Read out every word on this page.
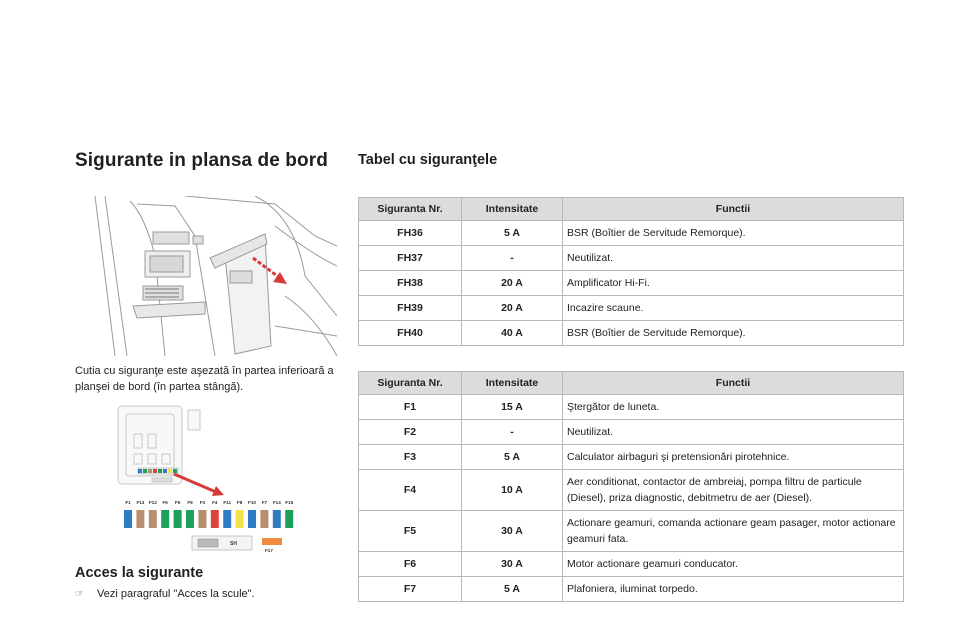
Sigurante in plansa de bord Tabel cu siguranţele

Cutia cu siguranţe este aşezată în partea inferioară a planşei de bord (în partea stângă).

F1 F13 F12 F6 F5 F9 F3 F4 F11 F8 F10 F7 F14 F15
SH
F17
Acces la sigurante
☞ Vezi paragraful "Acces la scule".
Siguranta Nr.	Intensitate	Functii
FH36	5 A	BSR (Boîtier de Servitude Remorque).
FH37	-	Neutilizat.
FH38	20 A	Amplificator Hi-Fi.
FH39	20 A	Incazire scaune.
FH40	40 A	BSR (Boîtier de Servitude Remorque).
Siguranta Nr.	Intensitate	Functii
F1	15 A	Ştergător de luneta.
F2	-	Neutilizat.
F3	5 A	Calculator airbaguri şi pretensionări pirotehnice.
F4	10 A	Aer conditionat, contactor de ambreiaj, pompa filtru de particule (Diesel), priza diagnostic, debitmetru de aer (Diesel).
F5	30 A	Actionare geamuri, comanda actionare geam pasager, motor actionare geamuri fata.
F6	30 A	Motor actionare geamuri conducator.
F7	5 A	Plafoniera, iluminat torpedo.
